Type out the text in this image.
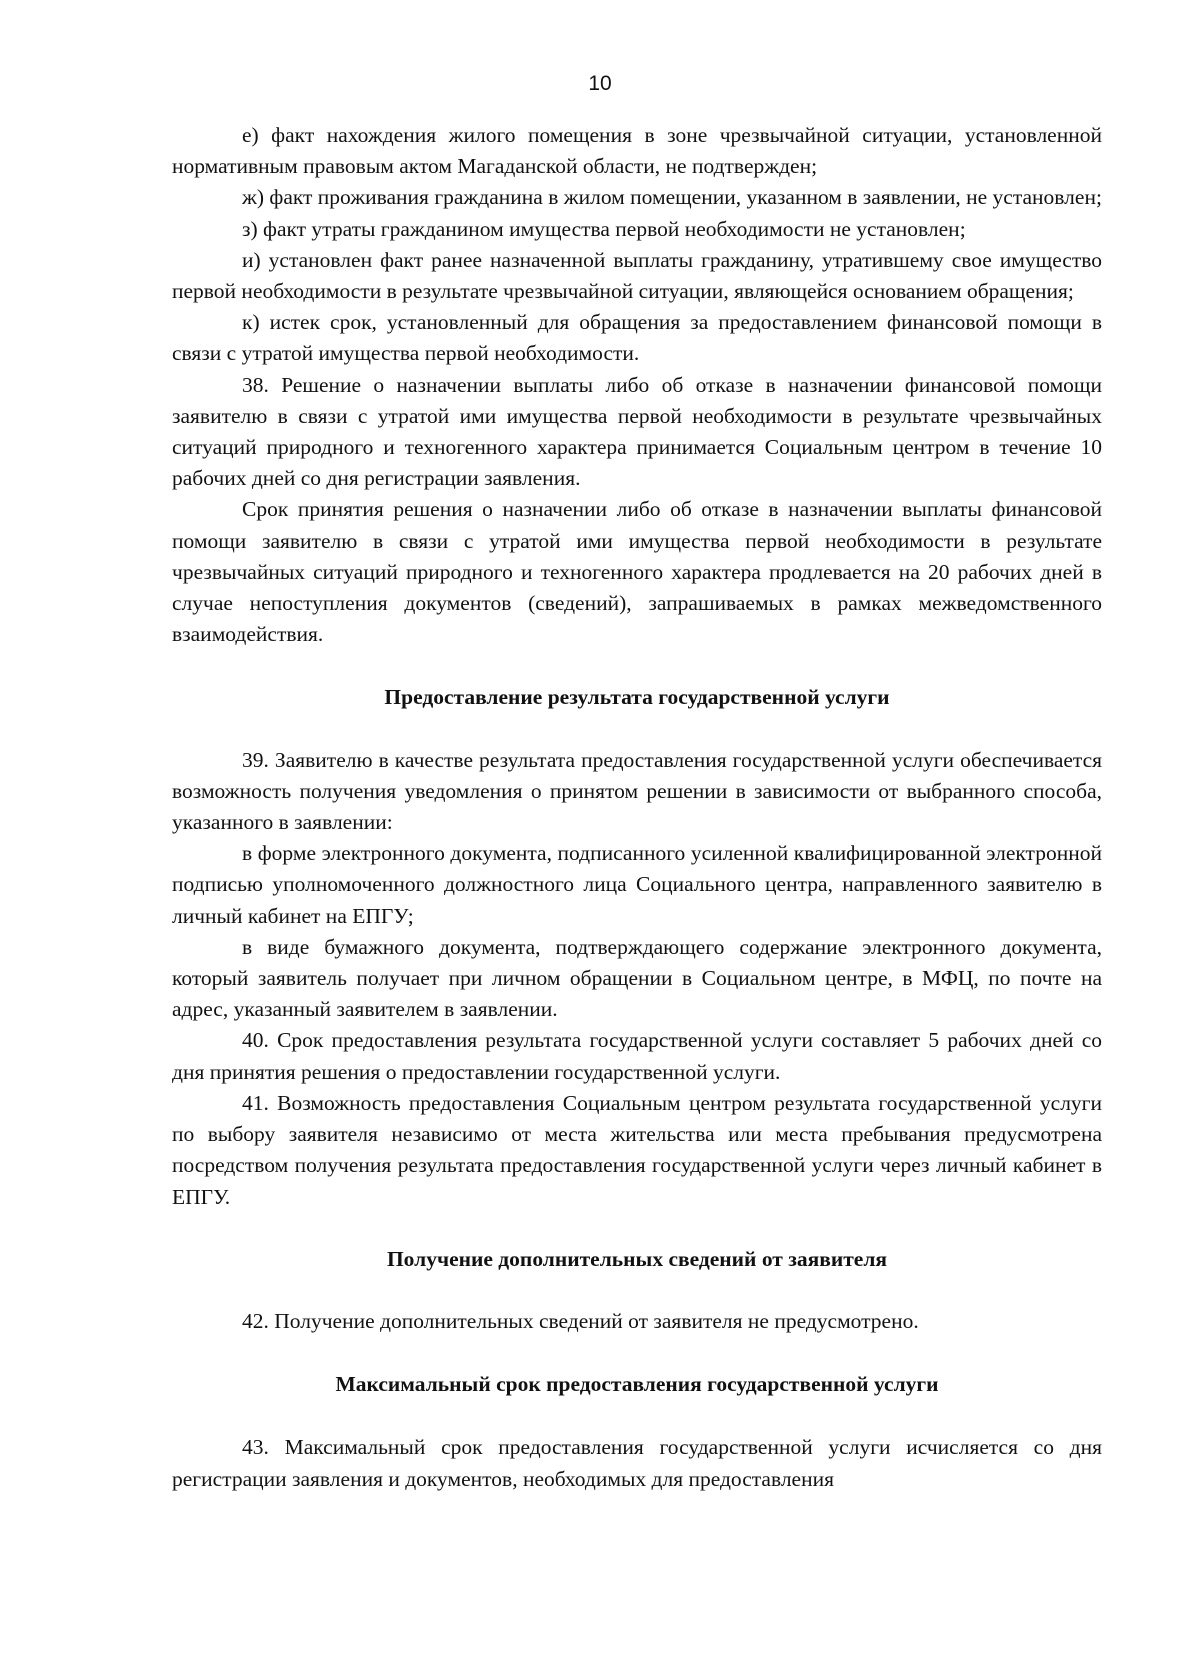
10

е) факт нахождения жилого помещения в зоне чрезвычайной ситуации, установленной нормативным правовым актом Магаданской области, не подтвержден;

ж) факт проживания гражданина в жилом помещении, указанном в заявлении, не установлен;

з) факт утраты гражданином имущества первой необходимости не установлен;

и) установлен факт ранее назначенной выплаты гражданину, утратившему свое имущество первой необходимости в результате чрезвычайной ситуации, являющейся основанием обращения;

к) истек срок, установленный для обращения за предоставлением финансовой помощи в связи с утратой имущества первой необходимости.

38. Решение о назначении выплаты либо об отказе в назначении финансовой помощи заявителю в связи с утратой ими имущества первой необходимости в результате чрезвычайных ситуаций природного и техногенного характера принимается Социальным центром в течение 10 рабочих дней со дня регистрации заявления.

Срок принятия решения о назначении либо об отказе в назначении выплаты финансовой помощи заявителю в связи с утратой ими имущества первой необходимости в результате чрезвычайных ситуаций природного и техногенного характера продлевается на 20 рабочих дней в случае непоступления документов (сведений), запрашиваемых в рамках межведомственного взаимодействия.

Предоставление результата государственной услуги

39. Заявителю в качестве результата предоставления государственной услуги обеспечивается возможность получения уведомления о принятом решении в зависимости от выбранного способа, указанного в заявлении:

в форме электронного документа, подписанного усиленной квалифицированной электронной подписью уполномоченного должностного лица Социального центра, направленного заявителю в личный кабинет на ЕПГУ;

в виде бумажного документа, подтверждающего содержание электронного документа, который заявитель получает при личном обращении в Социальном центре, в МФЦ, по почте на адрес, указанный заявителем в заявлении.

40. Срок предоставления результата государственной услуги составляет 5 рабочих дней со дня принятия решения о предоставлении государственной услуги.

41. Возможность предоставления Социальным центром результата государственной услуги по выбору заявителя независимо от места жительства или места пребывания предусмотрена посредством получения результата предоставления государственной услуги через личный кабинет в ЕПГУ.

Получение дополнительных сведений от заявителя

42. Получение дополнительных сведений от заявителя не предусмотрено.

Максимальный срок предоставления государственной услуги

43. Максимальный срок предоставления государственной услуги исчисляется со дня регистрации заявления и документов, необходимых для предоставления
